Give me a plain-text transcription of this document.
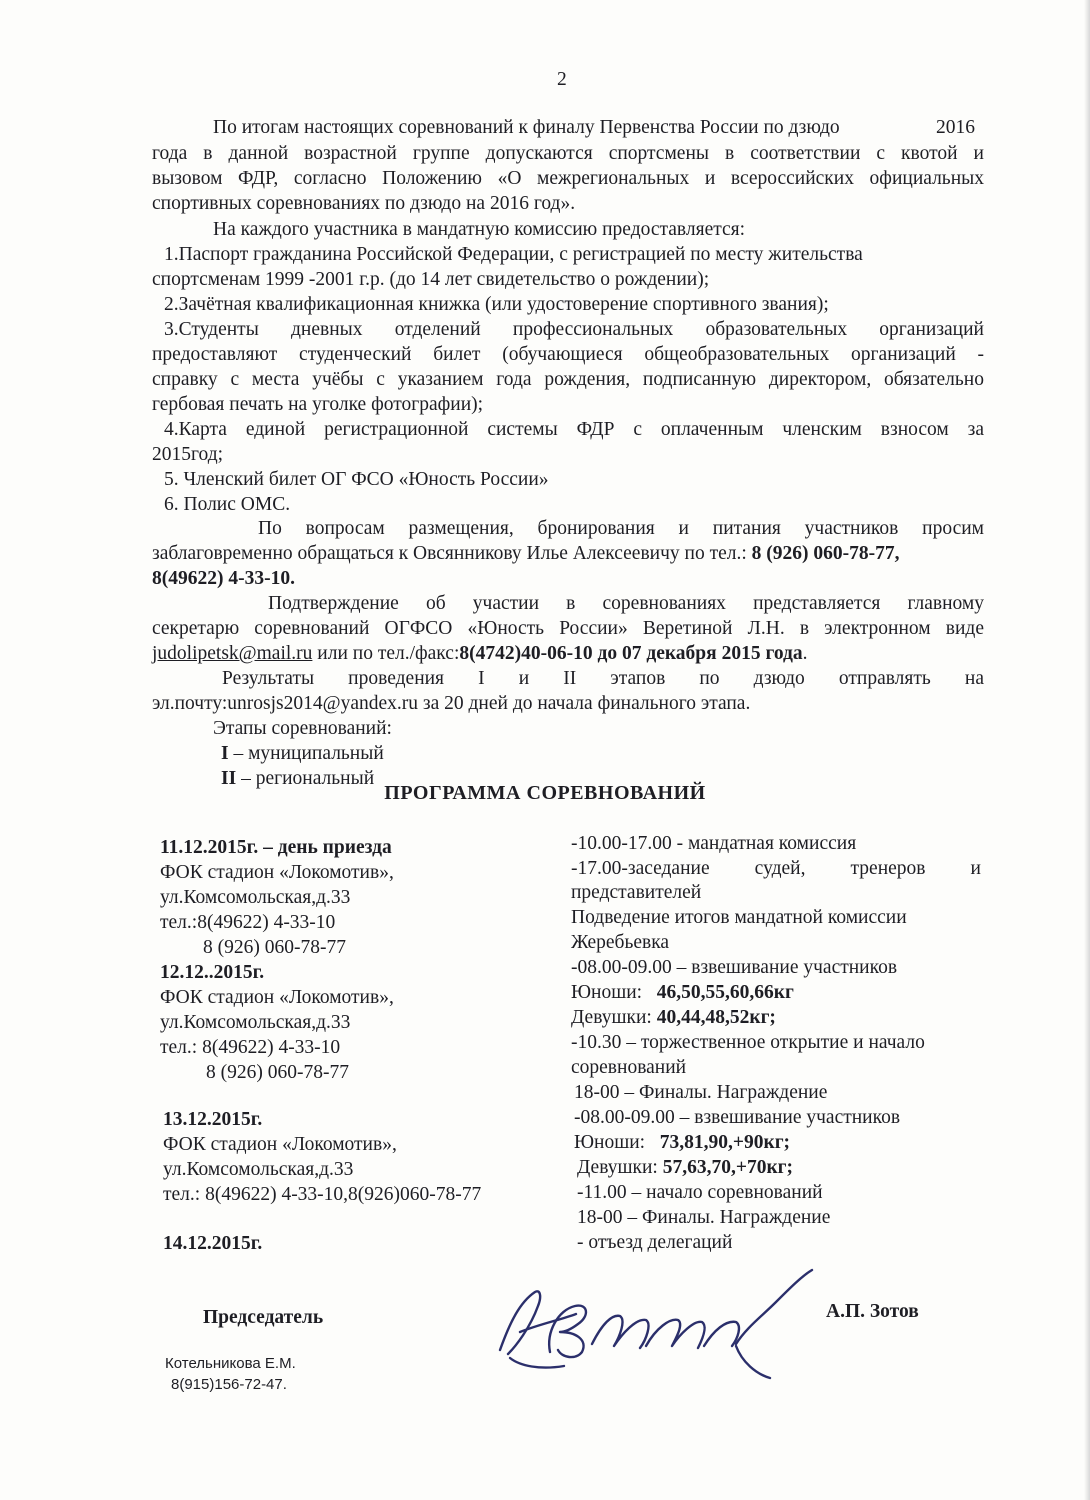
2
По итогам настоящих соревнований к финалу Первенства России по дзюдо	2016
года в данной возрастной группе допускаются спортсмены в соответствии с квотой и
вызовом ФДР, согласно Положению «О межрегиональных и всероссийских официальных
спортивных соревнованиях по дзюдо на 2016 год».
На каждого участника в мандатную комиссию предоставляется:
1.Паспорт гражданина Российской Федерации, с регистрацией по месту жительства
спортсменам 1999 -2001 г.р. (до 14 лет свидетельство о рождении);
2.Зачётная квалификационная книжка (или удостоверение спортивного звания);
3.Студенты дневных отделений профессиональных образовательных организаций
предоставляют студенческий билет (обучающиеся общеобразовательных организаций -
справку с места учёбы с указанием года рождения, подписанную директором, обязательно
гербовая печать на уголке фотографии);
4.Карта единой регистрационной системы ФДР с оплаченным членским взносом за
2015год;
5. Членский билет ОГ ФСО «Юность России»
6. Полис ОМС.
По вопросам размещения, бронирования и питания участников просим
заблаговременно обращаться к Овсянникову Илье Алексеевичу по тел.: 8 (926) 060-78-77,
8(49622) 4-33-10.
Подтверждение об участии в соревнованиях представляется главному
секретарю соревнований ОГФСО «Юность России» Веретиной Л.Н. в электронном виде
judolipetsk@mail.ru или по тел./факс:8(4742)40-06-10 до 07 декабря 2015 года.
Результаты проведения I и II этапов по дзюдо отправлять на
эл.почту:unrosjs2014@yandex.ru за 20 дней до начала финального этапа.
Этапы соревнований:
I – муниципальный
II – региональный
ПРОГРАММА СОРЕВНОВАНИЙ
11.12.2015г. – день приезда
ФОК стадион «Локомотив»,
ул.Комсомольская,д.33
тел.:8(49622) 4-33-10
8 (926) 060-78-77
12.12..2015г.
ФОК стадион «Локомотив»,
ул.Комсомольская,д.33
тел.: 8(49622) 4-33-10
8 (926) 060-78-77
13.12.2015г.
ФОК стадион «Локомотив»,
ул.Комсомольская,д.33
тел.: 8(49622) 4-33-10,8(926)060-78-77
14.12.2015г.
-10.00-17.00 - мандатная комиссия
-17.00-заседание судей, тренеров и
представителей
Подведение итогов мандатной комиссии
Жеребьевка
-08.00-09.00 – взвешивание участников
Юноши: 46,50,55,60,66кг
Девушки: 40,44,48,52кг;
-10.30 – торжественное открытие и начало
соревнований
18-00 – Финалы. Награждение
-08.00-09.00 – взвешивание участников
Юноши: 73,81,90,+90кг;
Девушки: 57,63,70,+70кг;
-11.00 – начало соревнований
18-00 – Финалы. Награждение
- отъезд делегаций
Председатель	А.П. Зотов
Котельникова Е.М.
8(915)156-72-47.
